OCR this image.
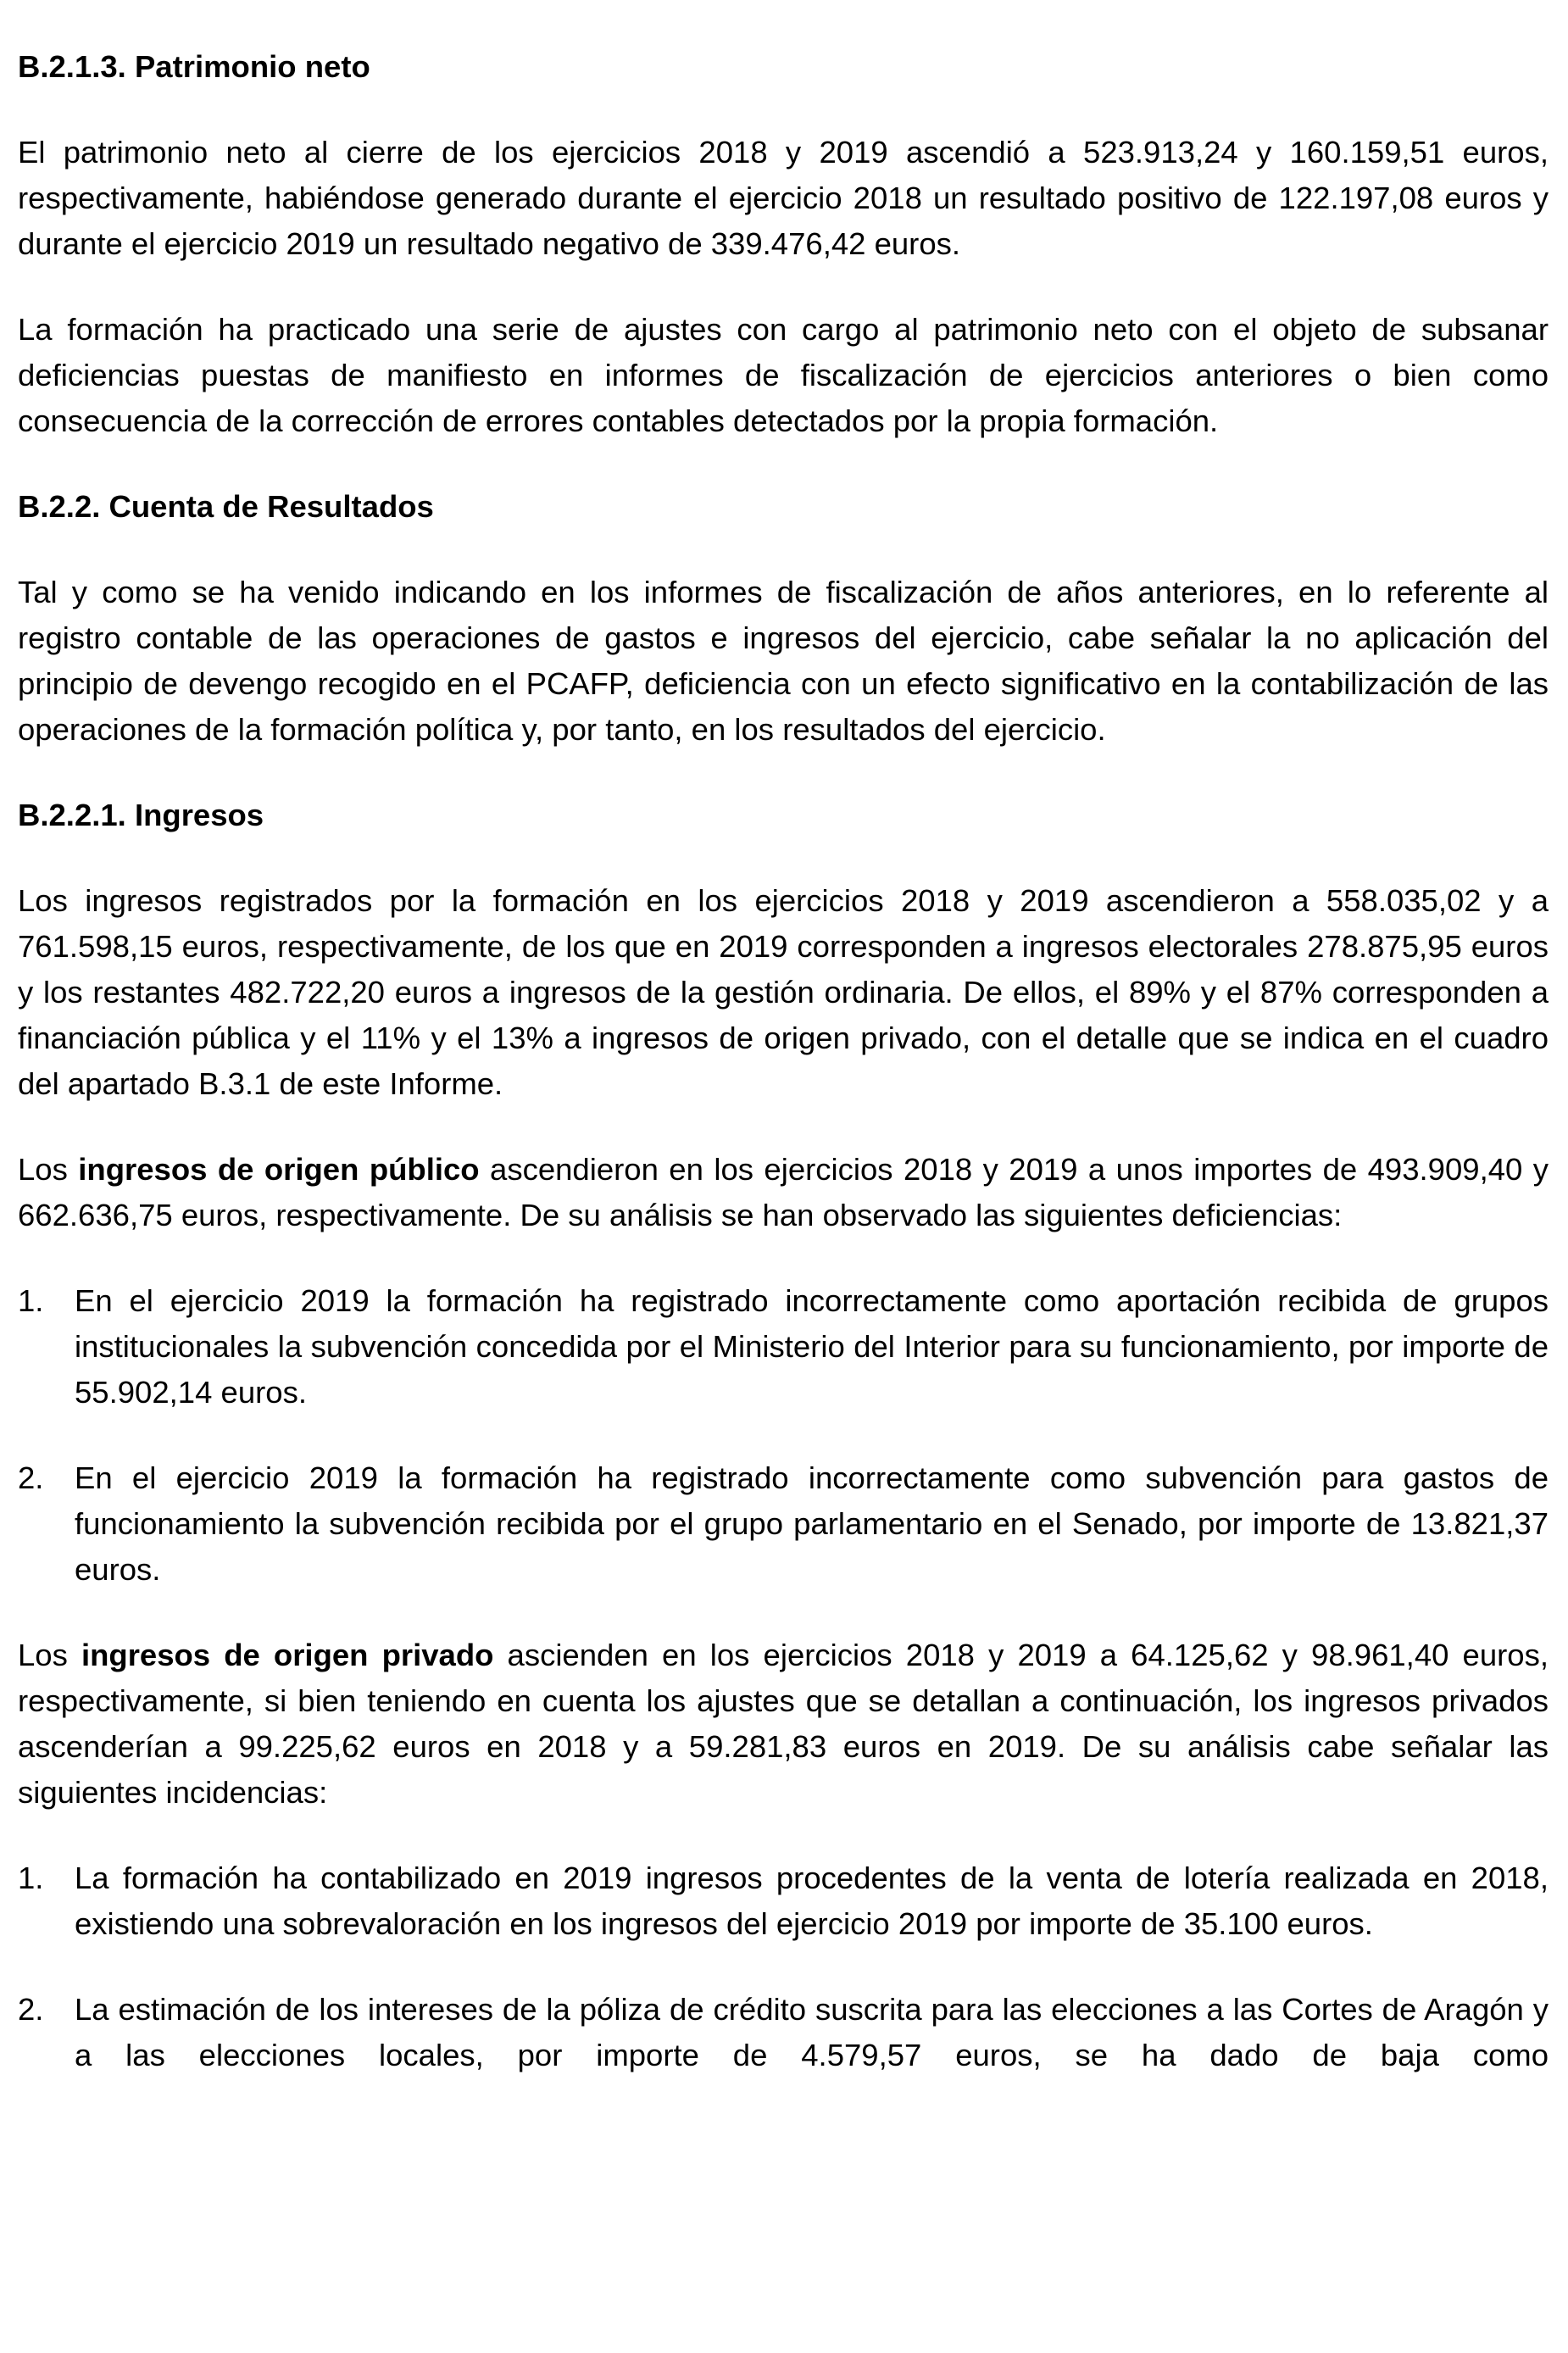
B.2.1.3. Patrimonio neto

El patrimonio neto al cierre de los ejercicios 2018 y 2019 ascendió a 523.913,24 y 160.159,51 euros, respectivamente, habiéndose generado durante el ejercicio 2018 un resultado positivo de 122.197,08 euros y durante el ejercicio 2019 un resultado negativo de 339.476,42 euros.

La formación ha practicado una serie de ajustes con cargo al patrimonio neto con el objeto de subsanar deficiencias puestas de manifiesto en informes de fiscalización de ejercicios anteriores o bien como consecuencia de la corrección de errores contables detectados por la propia formación.

B.2.2. Cuenta de Resultados

Tal y como se ha venido indicando en los informes de fiscalización de años anteriores, en lo referente al registro contable de las operaciones de gastos e ingresos del ejercicio, cabe señalar la no aplicación del principio de devengo recogido en el PCAFP, deficiencia con un efecto significativo en la contabilización de las operaciones de la formación política y, por tanto, en los resultados del ejercicio.

B.2.2.1. Ingresos

Los ingresos registrados por la formación en los ejercicios 2018 y 2019 ascendieron a 558.035,02 y a 761.598,15 euros, respectivamente, de los que en 2019 corresponden a ingresos electorales 278.875,95 euros y los restantes 482.722,20 euros a ingresos de la gestión ordinaria. De ellos, el 89% y el 87% corresponden a financiación pública y el 11% y el 13% a ingresos de origen privado, con el detalle que se indica en el cuadro del apartado B.3.1 de este Informe.

Los ingresos de origen público ascendieron en los ejercicios 2018 y 2019 a unos importes de 493.909,40 y 662.636,75 euros, respectivamente. De su análisis se han observado las siguientes deficiencias:

1.	En el ejercicio 2019 la formación ha registrado incorrectamente como aportación recibida de grupos institucionales la subvención concedida por el Ministerio del Interior para su funcionamiento, por importe de 55.902,14 euros.
2.	En el ejercicio 2019 la formación ha registrado incorrectamente como subvención para gastos de funcionamiento la subvención recibida por el grupo parlamentario en el Senado, por importe de 13.821,37 euros.

Los ingresos de origen privado ascienden en los ejercicios 2018 y 2019 a 64.125,62 y 98.961,40 euros, respectivamente, si bien teniendo en cuenta los ajustes que se detallan a continuación, los ingresos privados ascenderían a 99.225,62 euros en 2018 y a 59.281,83 euros en 2019. De su análisis cabe señalar las siguientes incidencias:

1.	La formación ha contabilizado en 2019 ingresos procedentes de la venta de lotería realizada en 2018, existiendo una sobrevaloración en los ingresos del ejercicio 2019 por importe de 35.100 euros.
2.	La estimación de los intereses de la póliza de crédito suscrita para las elecciones a las Cortes de Aragón y a las elecciones locales, por importe de 4.579,57 euros, se ha dado de baja como
